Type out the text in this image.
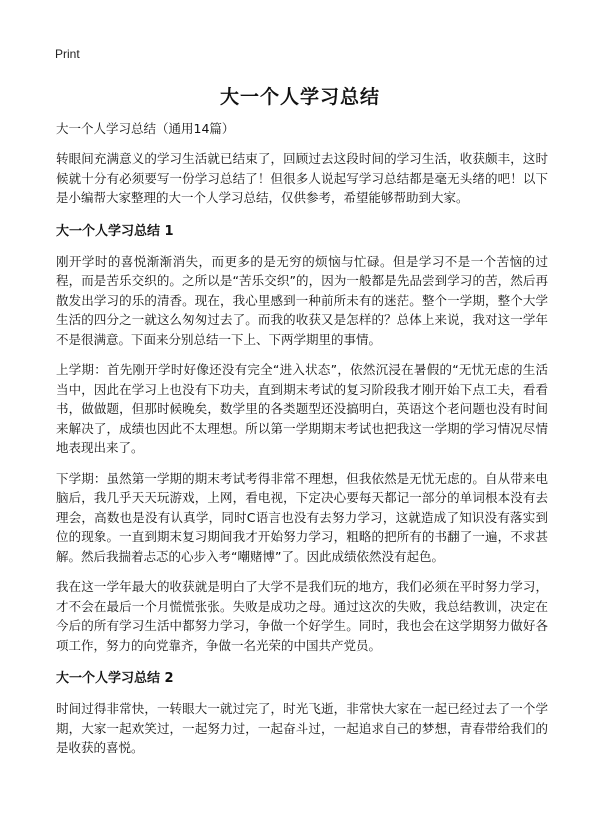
Print
大一个人学习总结

大一个人学习总结（通用14篇）

转眼间充满意义的学习生活就已结束了，回顾过去这段时间的学习生活，收获颇丰，这时候就十分有必须要写一份学习总结了！但很多人说起写学习总结都是毫无头绪的吧！以下是小编帮大家整理的大一个人学习总结，仅供参考，希望能够帮助到大家。

大一个人学习总结 1

刚开学时的喜悦渐渐消失，而更多的是无穷的烦恼与忙碌。但是学习不是一个苦恼的过程，而是苦乐交织的。之所以是“苦乐交织”的，因为一般都是先品尝到学习的苦，然后再散发出学习的乐的清香。现在，我心里感到一种前所未有的迷茫。整个一学期，整个大学生活的四分之一就这么匆匆过去了。而我的收获又是怎样的？总体上来说，我对这一学年不是很满意。下面来分别总结一下上、下两学期里的事情。

上学期：首先刚开学时好像还没有完全“进入状态”，依然沉浸在暑假的“无忧无虑的生活当中，因此在学习上也没有下功夫，直到期末考试的复习阶段我才刚开始下点工夫，看看书，做做题，但那时候晚矣，数学里的各类题型还没搞明白，英语这个老问题也没有时间来解决了，成绩也因此不太理想。所以第一学期期末考试也把我这一学期的学习情况尽情地表现出来了。

下学期：虽然第一学期的期末考试考得非常不理想，但我依然是无忧无虑的。自从带来电脑后，我几乎天天玩游戏，上网，看电视，下定决心要每天都记一部分的单词根本没有去理会，高数也是没有认真学，同时C语言也没有去努力学习，这就造成了知识没有落实到位的现象。一直到期末复习期间我才开始努力学习，粗略的把所有的书翻了一遍，不求甚解。然后我揣着忐忑的心步入考“嘲赌博”了。因此成绩依然没有起色。

我在这一学年最大的收获就是明白了大学不是我们玩的地方，我们必须在平时努力学习，才不会在最后一个月慌慌张张。失败是成功之母。通过这次的失败，我总结教训，决定在今后的所有学习生活中都努力学习，争做一个好学生。同时，我也会在这学期努力做好各项工作，努力的向党靠齐，争做一名光荣的中国共产党员。

大一个人学习总结 2

时间过得非常快，一转眼大一就过完了，时光飞逝，非常快大家在一起已经过去了一个学期，大家一起欢笑过，一起努力过，一起奋斗过，一起追求自己的梦想，青春带给我们的是收获的喜悦。
